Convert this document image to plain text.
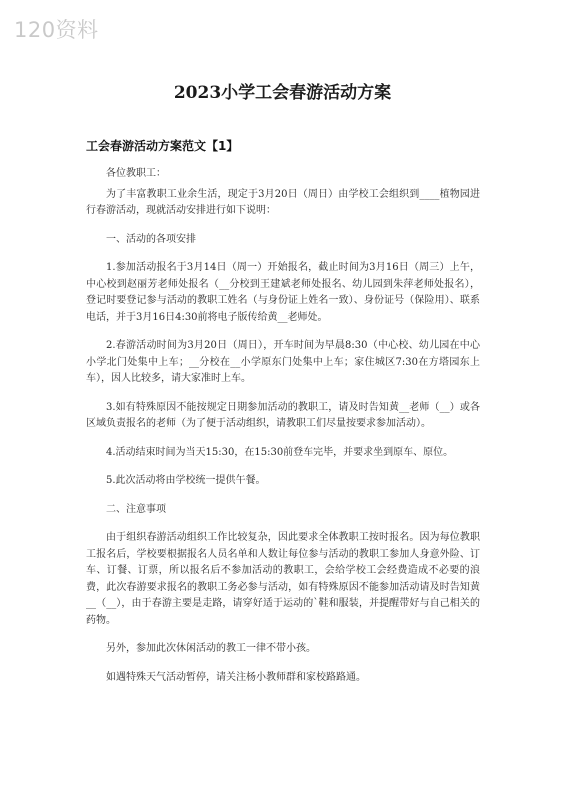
120资料
2023小学工会春游活动方案
工会春游活动方案范文【1】

各位教职工：

为了丰富教职工业余生活，现定于3月20日（周日）由学校工会组织到____植物园进行春游活动，现就活动安排进行如下说明：

一、活动的各项安排

1.参加活动报名于3月14日（周一）开始报名，截止时间为3月16日（周三）上午，中心校到赵丽芳老师处报名（__分校到王建斌老师处报名、幼儿园到朱萍老师处报名），登记时要登记参与活动的教职工姓名（与身份证上姓名一致）、身份证号（保险用）、联系电话，并于3月16日4:30前将电子版传给黄__老师处。

2.春游活动时间为3月20日（周日），开车时间为早晨8:30（中心校、幼儿园在中心小学北门处集中上车；__分校在__小学原东门处集中上车；家住城区7:30在方塔园东上车），因人比较多，请大家准时上车。

3.如有特殊原因不能按规定日期参加活动的教职工，请及时告知黄__老师（__）或各区域负责报名的老师（为了便于活动组织，请教职工们尽量按要求参加活动）。

4.活动结束时间为当天15:30，在15:30前登车完毕，并要求坐到原车、原位。

5.此次活动将由学校统一提供午餐。

二、注意事项

由于组织春游活动组织工作比较复杂，因此要求全体教职工按时报名。因为每位教职工报名后，学校要根据报名人员名单和人数让每位参与活动的教职工参加人身意外险、订车、订餐、订票，所以报名后不参加活动的教职工，会给学校工会经费造成不必要的浪费，此次春游要求报名的教职工务必参与活动，如有特殊原因不能参加活动请及时告知黄__（__），由于春游主要是走路，请穿好适于运动的`鞋和服装，并提醒带好与自己相关的药物。

另外，参加此次休闲活动的教工一律不带小孩。

如遇特殊天气活动暂停，请关注杨小教师群和家校路路通。
